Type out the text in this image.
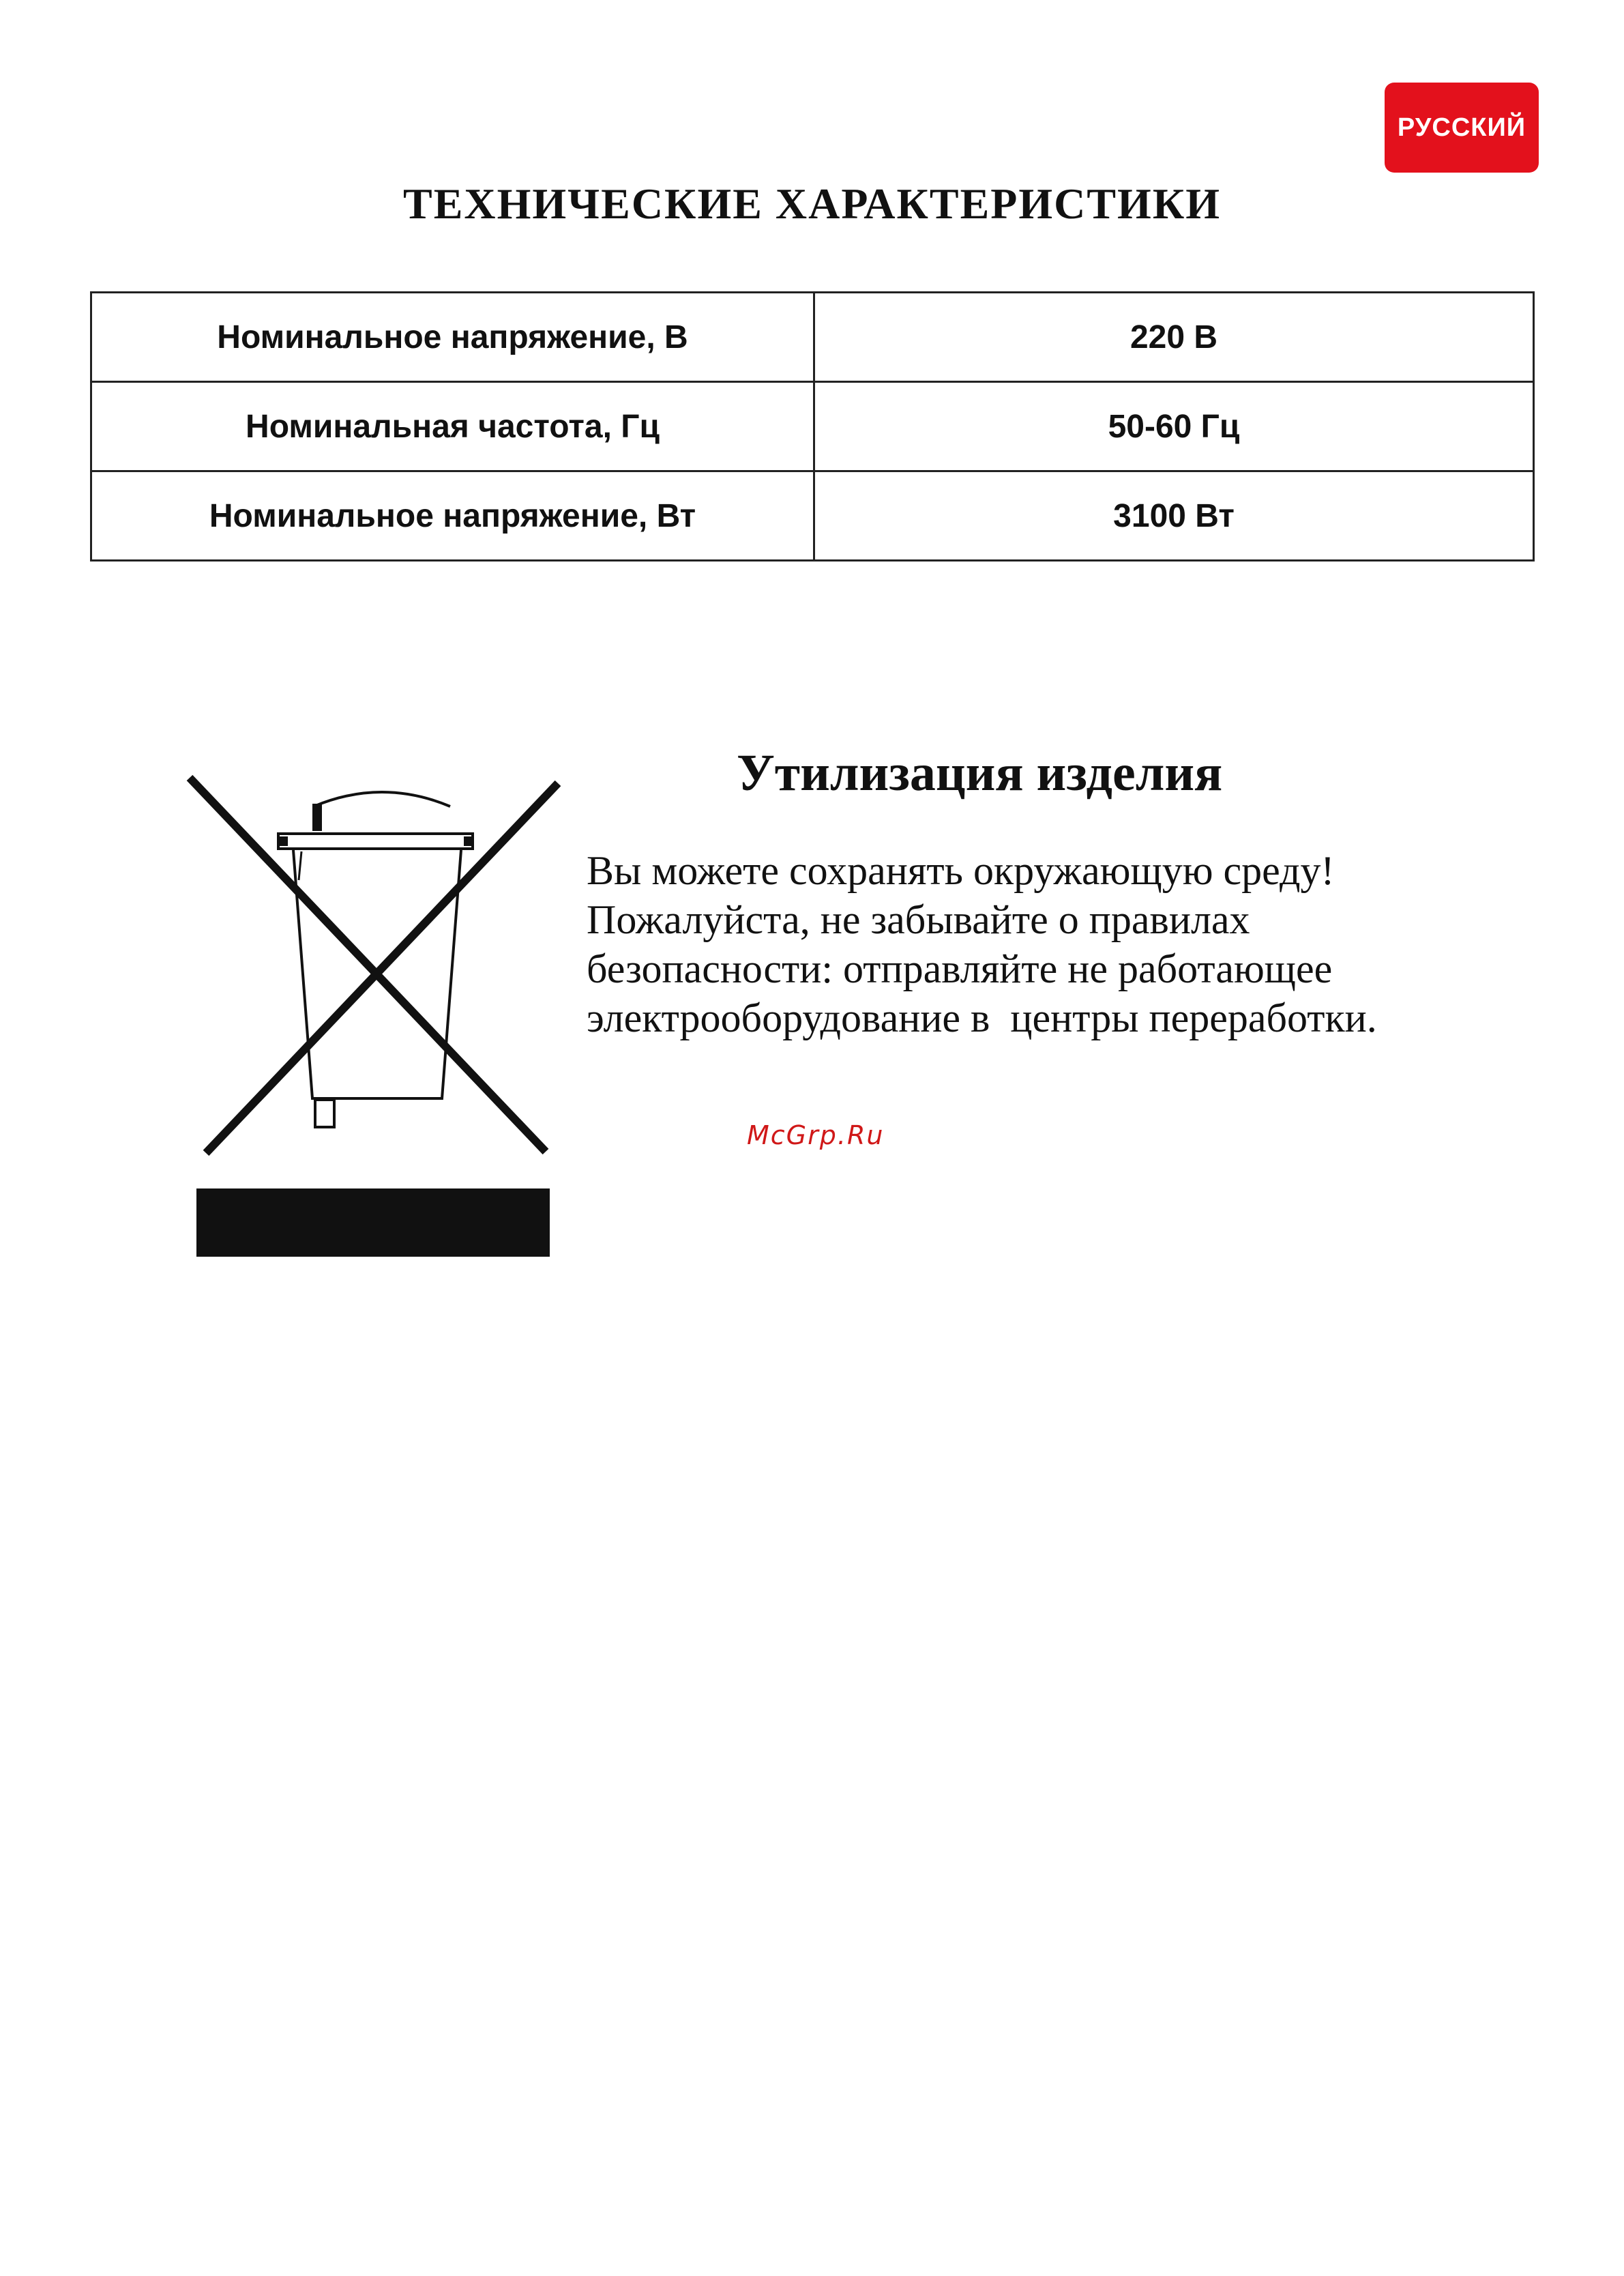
РУССКИЙ
ТЕХНИЧЕСКИЕ ХАРАКТЕРИСТИКИ
Номинальное напряжение, В	220 В
Номинальная частота, Гц	50-60 Гц
Номинальное напряжение, Вт	3100 Вт
Утилизация изделия

Вы можете сохранять окружающую среду!
Пожалуйста, не забывайте о правилах
безопасности: отправляйте не работающее
электрооборудование в  центры переработки.

McGrp.Ru
